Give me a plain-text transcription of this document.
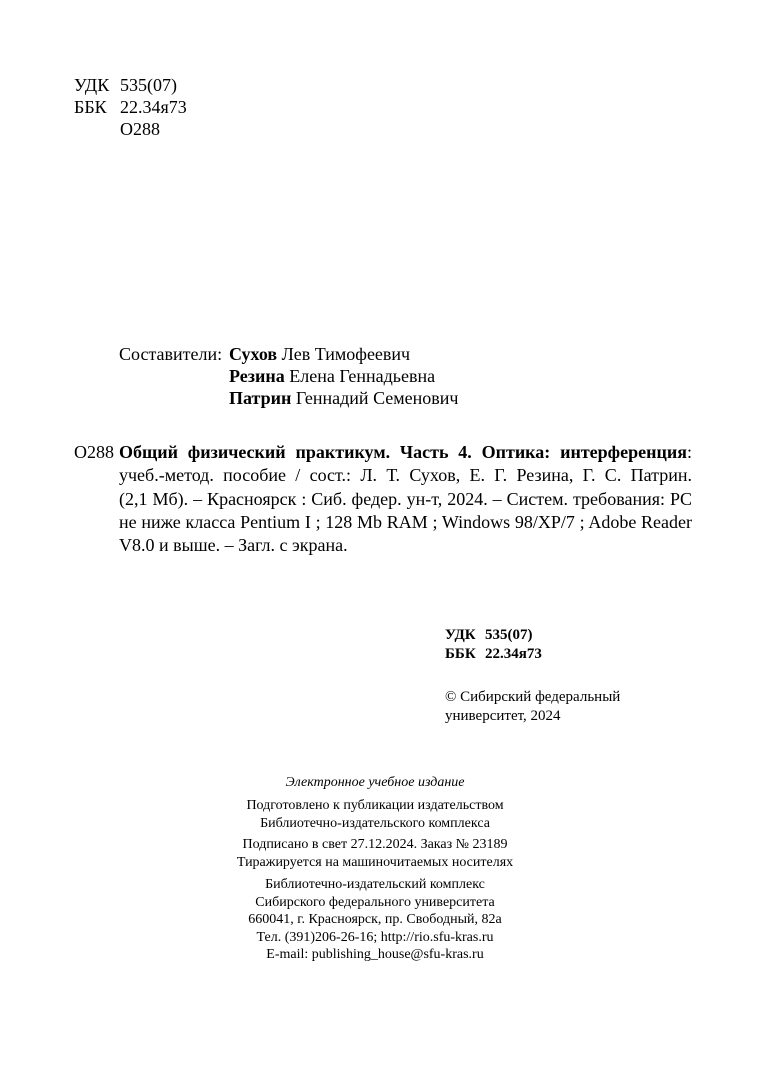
УДК 535(07)
ББК 22.34я73
О288
Составители: Сухов Лев Тимофеевич
Резина Елена Геннадьевна
Патрин Геннадий Семенович
О288 Общий физический практикум. Часть 4. Оптика: интерференция:
учеб.-метод. пособие / сост.: Л. Т. Сухов, Е. Г. Резина, Г. С. Патрин.
(2,1 Мб). – Красноярск : Сиб. федер. ун-т, 2024. – Систем. требования: PC
не ниже класса Pentium I ; 128 Mb RAM ; Windows 98/XP/7 ; Adobe Reader
V8.0 и выше. – Загл. с экрана.
УДК 535(07)
ББК 22.34я73
© Сибирский федеральный
университет, 2024
Электронное учебное издание
Подготовлено к публикации издательством
Библиотечно-издательского комплекса
Подписано в свет 27.12.2024. Заказ № 23189
Тиражируется на машиночитаемых носителях
Библиотечно-издательский комплекс
Сибирского федерального университета
660041, г. Красноярск, пр. Свободный, 82а
Тел. (391)206-26-16; http://rio.sfu-kras.ru
E-mail: publishing_house@sfu-kras.ru
